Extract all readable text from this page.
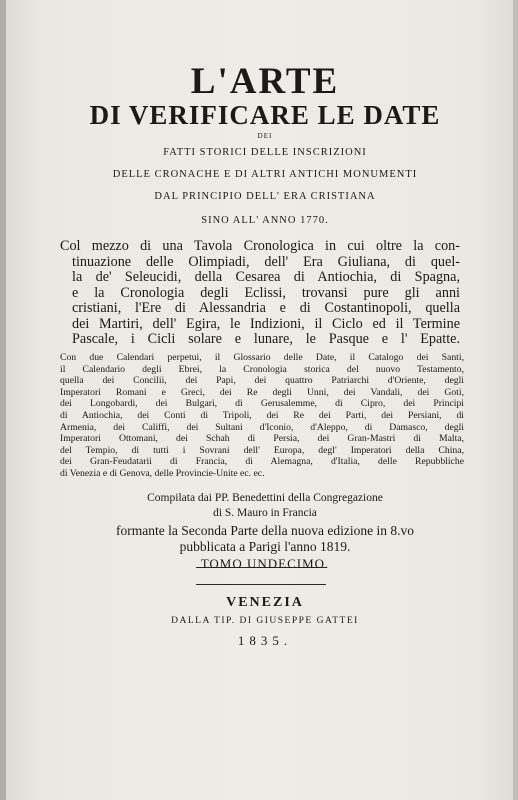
L'ARTE
DI VERIFICARE LE DATE
DEI
FATTI STORICI DELLE INSCRIZIONI
DELLE CRONACHE E DI ALTRI ANTICHI MONUMENTI
DAL PRINCIPIO DELL' ERA CRISTIANA
SINO ALL' ANNO 1770.
Col mezzo di una Tavola Cronologica in cui oltre la con-
tinuazione delle Olimpiadi, dell' Era Giuliana, di quel-
la de' Seleucidi, della Cesarea di Antiochia, di Spagna,
e la Cronologia degli Eclissi, trovansi pure gli anni
cristiani, l'Ere di Alessandria e di Costantinopoli, quella
dei Martiri, dell' Egira, le Indizioni, il Ciclo ed il Termine
Pascale, i Cicli solare e lunare, le Pasque e l' Epatte.
Con due Calendari perpetui, il Glossario delle Date, il Catalogo dei Santi,
il Calendario degli Ebrei, la Cronologia storica del nuovo Testamento,
quella dei Concilii, dei Papi, dei quattro Patriarchi d'Oriente, degli
Imperatori Romani e Greci, dei Re degli Unni, dei Vandali, dei Goti,
dei Longobardi, dei Bulgari, di Gerusalemme, di Cipro, dei Principi
di Antiochia, dei Conti di Tripoli, dei Re dei Parti, dei Persiani, di
Armenia, dei Califfi, dei Sultani d'Iconio, d'Aleppo, di Damasco, degli
Imperatori Ottomani, dei Schah di Persia, dei Gran-Mastri di Malta,
del Tempio, di tutti i Sovrani dell' Europa, degl' Imperatori della China,
dei Gran-Feudatarii di Francia, di Alemagna, d'Italia, delle Repubbliche
di Venezia e di Genova, delle Provincie-Unite ec. ec.
Compilata dai PP. Benedettini della Congregazione
di S. Mauro in Francia
formante la Seconda Parte della nuova edizione in 8.vo
pubblicata a Parigi l'anno 1819.
TOMO UNDECIMO.
VENEZIA
DALLA TIP. DI GIUSEPPE GATTEI
1835.
